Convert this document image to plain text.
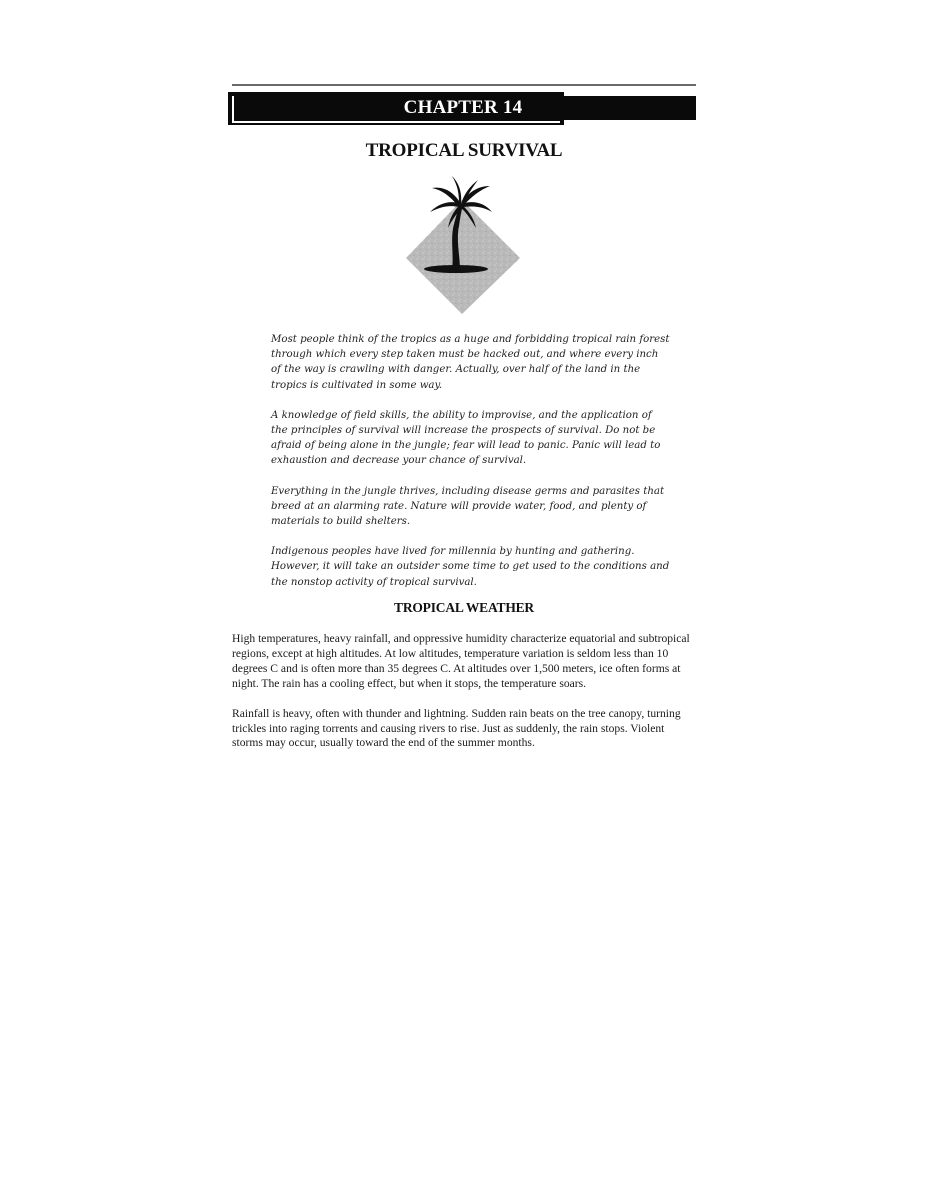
CHAPTER 14
TROPICAL SURVIVAL

Most people think of the tropics as a huge and forbidding tropical rain forest through which every step taken must be hacked out, and where every inch of the way is crawling with danger. Actually, over half of the land in the tropics is cultivated in some way.

A knowledge of field skills, the ability to improvise, and the application of the principles of survival will increase the prospects of survival. Do not be afraid of being alone in the jungle; fear will lead to panic. Panic will lead to exhaustion and decrease your chance of survival.

Everything in the jungle thrives, including disease germs and parasites that breed at an alarming rate. Nature will provide water, food, and plenty of materials to build shelters.

Indigenous peoples have lived for millennia by hunting and gathering. However, it will take an outsider some time to get used to the conditions and the nonstop activity of tropical survival.

TROPICAL WEATHER

High temperatures, heavy rainfall, and oppressive humidity characterize equatorial and subtropical regions, except at high altitudes. At low altitudes, temperature variation is seldom less than 10 degrees C and is often more than 35 degrees C. At altitudes over 1,500 meters, ice often forms at night. The rain has a cooling effect, but when it stops, the temperature soars.

Rainfall is heavy, often with thunder and lightning. Sudden rain beats on the tree canopy, turning trickles into raging torrents and causing rivers to rise. Just as suddenly, the rain stops. Violent storms may occur, usually toward the end of the summer months.
